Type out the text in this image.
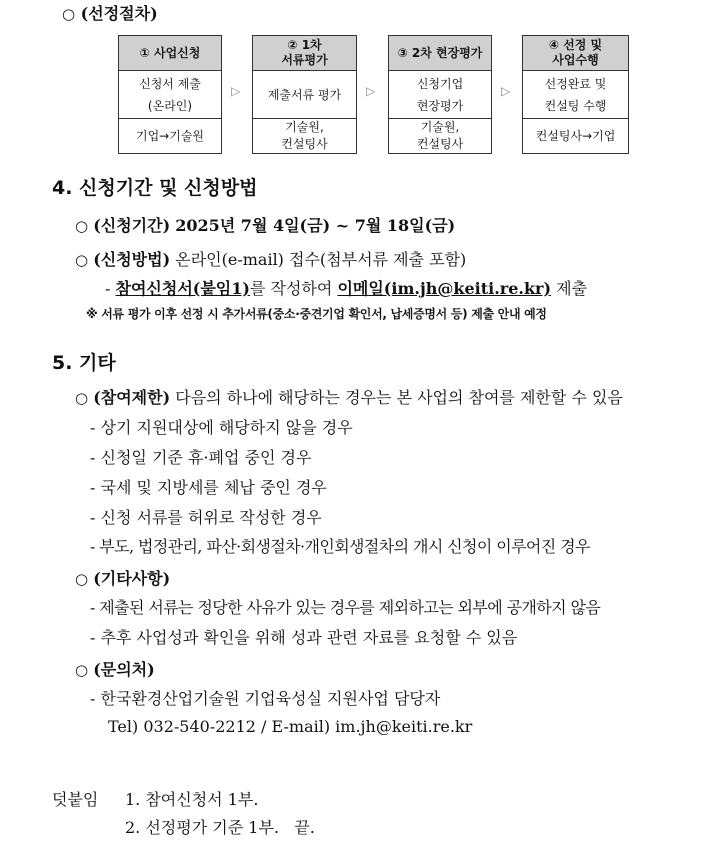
○ (선정절차)
① 사업신청
신청서 제출
(온라인)
기업→기술원
② 1차
서류평가
제출서류 평가
기술원,
컨설팅사
③ 2차 현장평가
신청기업
현장평가
기술원,
컨설팅사
④ 선정 및
사업수행
선정완료 및
컨설팅 수행
컨설팅사→기업
▷	▷	▷
4. 신청기간 및 신청방법
○ (신청기간) 2025년 7월 4일(금) ~ 7월 18일(금)
○ (신청방법) 온라인(e-mail) 접수(첨부서류 제출 포함)
- 참여신청서(붙임1)를 작성하여 이메일(im.jh@keiti.re.kr) 제출
※ 서류 평가 이후 선정 시 추가서류(중소·중견기업 확인서, 납세증명서 등) 제출 안내 예정
5. 기타
○ (참여제한) 다음의 하나에 해당하는 경우는 본 사업의 참여를 제한할 수 있음
- 상기 지원대상에 해당하지 않을 경우
- 신청일 기준 휴·폐업 중인 경우
- 국세 및 지방세를 체납 중인 경우
- 신청 서류를 허위로 작성한 경우
- 부도, 법정관리, 파산·회생절차·개인회생절차의 개시 신청이 이루어진 경우
○ (기타사항)
- 제출된 서류는 정당한 사유가 있는 경우를 제외하고는 외부에 공개하지 않음
- 추후 사업성과 확인을 위해 성과 관련 자료를 요청할 수 있음
○ (문의처)
- 한국환경산업기술원 기업육성실 지원사업 담당자
Tel) 032-540-2212 / E-mail) im.jh@keiti.re.kr
덧붙임 1. 참여신청서 1부.
2. 선정평가 기준 1부.   끝.
